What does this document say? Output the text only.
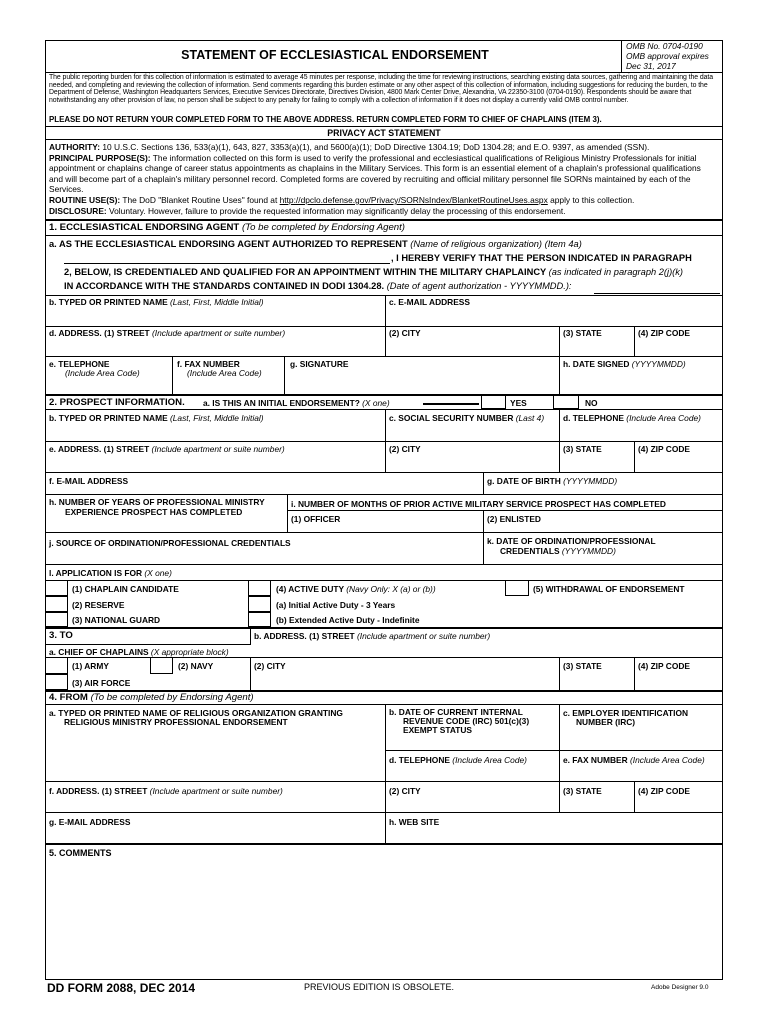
STATEMENT OF ECCLESIASTICAL ENDORSEMENT
OMB No. 0704-0190
OMB approval expires
Dec 31, 2017
The public reporting burden for this collection of information is estimated to average 45 minutes per response, including the time for reviewing instructions, searching existing data sources, gathering and maintaining the data needed, and completing and reviewing the collection of information. Send comments regarding this burden estimate or any other aspect of this collection of information, including suggestions for reducing the burden, to the Department of Defense, Washington Headquarters Services, Executive Services Directorate, Directives Division, 4800 Mark Center Drive, Alexandria, VA 22350-3100 (0704-0190). Respondents should be aware that notwithstanding any other provision of law, no person shall be subject to any penalty for failing to comply with a collection of information if it does not display a currently valid OMB control number.
PLEASE DO NOT RETURN YOUR COMPLETED FORM TO THE ABOVE ADDRESS. RETURN COMPLETED FORM TO CHIEF OF CHAPLAINS (ITEM 3).
PRIVACY ACT STATEMENT
AUTHORITY: 10 U.S.C. Sections 136, 533(a)(1), 643, 827, 3353(a)(1), and 5600(a)(1); DoD Directive 1304.19; DoD 1304.28; and E.O. 9397, as amended (SSN).
PRINCIPAL PURPOSE(S): The information collected on this form is used to verify the professional and ecclesiastical qualifications of Religious Ministry Professionals for initial appointment or chaplains change of career status appointments as chaplains in the Military Services. This form is an essential element of a chaplain's professional qualifications and will become part of a chaplain's military personnel record. Completed forms are covered by recruiting and official military personnel file SORNs maintained by each of the Services.
ROUTINE USE(S): The DoD "Blanket Routine Uses" found at http://dpclo.defense.gov/Privacy/SORNsIndex/BlanketRoutineUses.aspx apply to this collection.
DISCLOSURE: Voluntary. However, failure to provide the requested information may significantly delay the processing of this endorsement.
1. ECCLESIASTICAL ENDORSING AGENT (To be completed by Endorsing Agent)
a. AS THE ECCLESIASTICAL ENDORSING AGENT AUTHORIZED TO REPRESENT (Name of religious organization) (Item 4a)
, I HEREBY VERIFY THAT THE PERSON INDICATED IN PARAGRAPH
2, BELOW, IS CREDENTIALED AND QUALIFIED FOR AN APPOINTMENT WITHIN THE MILITARY CHAPLAINCY (as indicated in paragraph 2(j)(k)
IN ACCORDANCE WITH THE STANDARDS CONTAINED IN DODI 1304.28. (Date of agent authorization - YYYYMMDD.):
b. TYPED OR PRINTED NAME (Last, First, Middle Initial)	c. E-MAIL ADDRESS
d. ADDRESS. (1) STREET (Include apartment or suite number)	(2) CITY	(3) STATE	(4) ZIP CODE
e. TELEPHONE
(Include Area Code)
f. FAX NUMBER
(Include Area Code)
g. SIGNATURE	h. DATE SIGNED (YYYYMMDD)
2. PROSPECT INFORMATION. a. IS THIS AN INITIAL ENDORSEMENT? (X one)	YES	NO
b. TYPED OR PRINTED NAME (Last, First, Middle Initial)	c. SOCIAL SECURITY NUMBER (Last 4) d. TELEPHONE (Include Area Code)
e. ADDRESS. (1) STREET (Include apartment or suite number)	(2) CITY	(3) STATE	(4) ZIP CODE
f. E-MAIL ADDRESS	g. DATE OF BIRTH (YYYYMMDD)
h. NUMBER OF YEARS OF PROFESSIONAL MINISTRY
EXPERIENCE PROSPECT HAS COMPLETED
i. NUMBER OF MONTHS OF PRIOR ACTIVE MILITARY SERVICE PROSPECT HAS COMPLETED
(1) OFFICER	(2) ENLISTED
j. SOURCE OF ORDINATION/PROFESSIONAL CREDENTIALS	k. DATE OF ORDINATION/PROFESSIONAL
CREDENTIALS (YYYYMMDD)
l. APPLICATION IS FOR (X one)
(1) CHAPLAIN CANDIDATE
(2) RESERVE
(3) NATIONAL GUARD
(4) ACTIVE DUTY (Navy Only: X (a) or (b))
(a) Initial Active Duty - 3 Years
(b) Extended Active Duty - Indefinite
(5) WITHDRAWAL OF ENDORSEMENT
3. TO	b. ADDRESS. (1) STREET (Include apartment or suite number)
a. CHIEF OF CHAPLAINS (X appropriate block)
(1) ARMY	(2) NAVY
(3) AIR FORCE
(2) CITY	(3) STATE	(4) ZIP CODE
4. FROM (To be completed by Endorsing Agent)
a. TYPED OR PRINTED NAME OF RELIGIOUS ORGANIZATION GRANTING
RELIGIOUS MINISTRY PROFESSIONAL ENDORSEMENT
b. DATE OF CURRENT INTERNAL
REVENUE CODE (IRC) 501(c)(3)
EXEMPT STATUS
c. EMPLOYER IDENTIFICATION
NUMBER (IRC)
d. TELEPHONE (Include Area Code)	e. FAX NUMBER (Include Area Code)
f. ADDRESS. (1) STREET (Include apartment or suite number)	(2) CITY	(3) STATE	(4) ZIP CODE
g. E-MAIL ADDRESS	h. WEB SITE
5. COMMENTS
DD FORM 2088, DEC 2014	PREVIOUS EDITION IS OBSOLETE.	Adobe Designer 9.0
